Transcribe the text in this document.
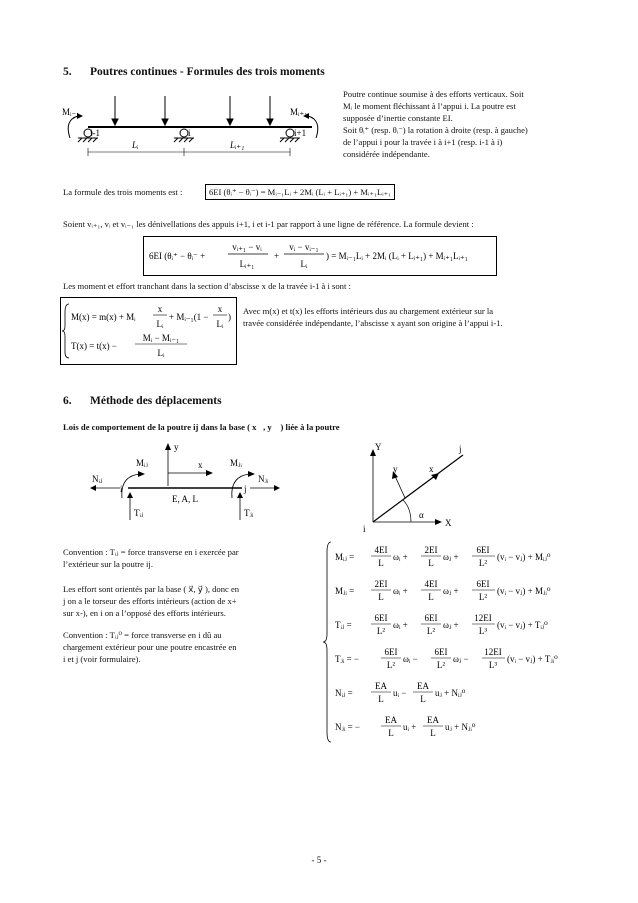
5. Poutres continues - Formules des trois moments
Mᵢ₋₁	Mᵢ₊₁
i-1	i	i+1
Lᵢ	Lᵢ₊₁
Poutre continue soumise à des efforts verticaux. Soit
Mᵢ le moment fléchissant à l’appui i. La poutre est
supposée d’inertie constante EI.
Soit θᵢ⁺ (resp. θᵢ⁻) la rotation à droite (resp. à gauche)
de l’appui i pour la travée i à i+1 (resp. i-1 à i)
considérée indépendante.
La formule des trois moments est :	6EI (θᵢ⁺ − θᵢ⁻) = Mᵢ₋₁Lᵢ + 2Mᵢ (Lᵢ + Lᵢ₊₁) + Mᵢ₊₁Lᵢ₊₁
Soient vᵢ₊₁, vᵢ et vᵢ₋₁ les dénivellations des appuis i+1, i et i-1 par rapport à une ligne de référence. La formule devient :
6EI (θᵢ⁺ − θᵢ⁻ +
vᵢ₊₁ − vᵢ
Lᵢ₊₁
+
vᵢ − vᵢ₋₁
Lᵢ
) = Mᵢ₋₁Lᵢ + 2Mᵢ (Lᵢ + Lᵢ₊₁) + Mᵢ₊₁Lᵢ₊₁
Les moment et effort tranchant dans la section d’abscisse x de la travée i-1 à i sont :
M(x) = m(x) + Mᵢ
x
Lᵢ
+ Mᵢ₋₁(1 −
x
Lᵢ
)
T(x) = t(x) −
Mᵢ − Mᵢ₋₁
Lᵢ
Avec m(x) et t(x) les efforts intérieurs dus au chargement extérieur sur la
travée considérée indépendante, l’abscisse x ayant son origine à l’appui i-1.
6. Méthode des déplacements
Lois de comportement de la poutre ij dans la base ( x⃗, y⃗ ) liée à la poutre
y
x
Mᵢⱼ	Mⱼᵢ
Nᵢⱼ	Nⱼᵢ
i	j
E, A, L
Tᵢⱼ	Tⱼᵢ
Y
X
y	x
i
j
α
Convention : Tᵢⱼ = force transverse en i exercée par
l’extérieur sur la poutre ij.
Les effort sont orientés par la base ( x⃗, y⃗ ), donc en
j on a le torseur des efforts intérieurs (action de x+
sur x-), en i on a l’opposé des efforts intérieurs.
Convention : Tᵢⱼ⁰ = force transverse en i dû au
chargement extérieur pour une poutre encastrée en
i et j (voir formulaire).
Mᵢⱼ =
4EI
L
ωᵢ +
2EI
L
ωⱼ +
6EI
L²
(vᵢ − vⱼ) + Mᵢⱼ⁰
Mⱼᵢ =
2EI
L
ωᵢ +
4EI
L
ωⱼ +
6EI
L²
(vᵢ − vⱼ) + Mⱼᵢ⁰
Tᵢⱼ =
6EI
L²
ωᵢ +
6EI
L²
ωⱼ +
12EI
L³
(vᵢ − vⱼ) + Tᵢⱼ⁰
Tⱼᵢ = −
6EI
L²
ωᵢ −
6EI
L²
ωⱼ −
12EI
L³
(vᵢ − vⱼ) + Tⱼᵢ⁰
Nᵢⱼ =
EA
L
uᵢ −
EA
L
uⱼ + Nᵢⱼ⁰
Nⱼᵢ = −
EA
L
uᵢ +
EA
L
uⱼ + Nⱼᵢ⁰
- 5 -
